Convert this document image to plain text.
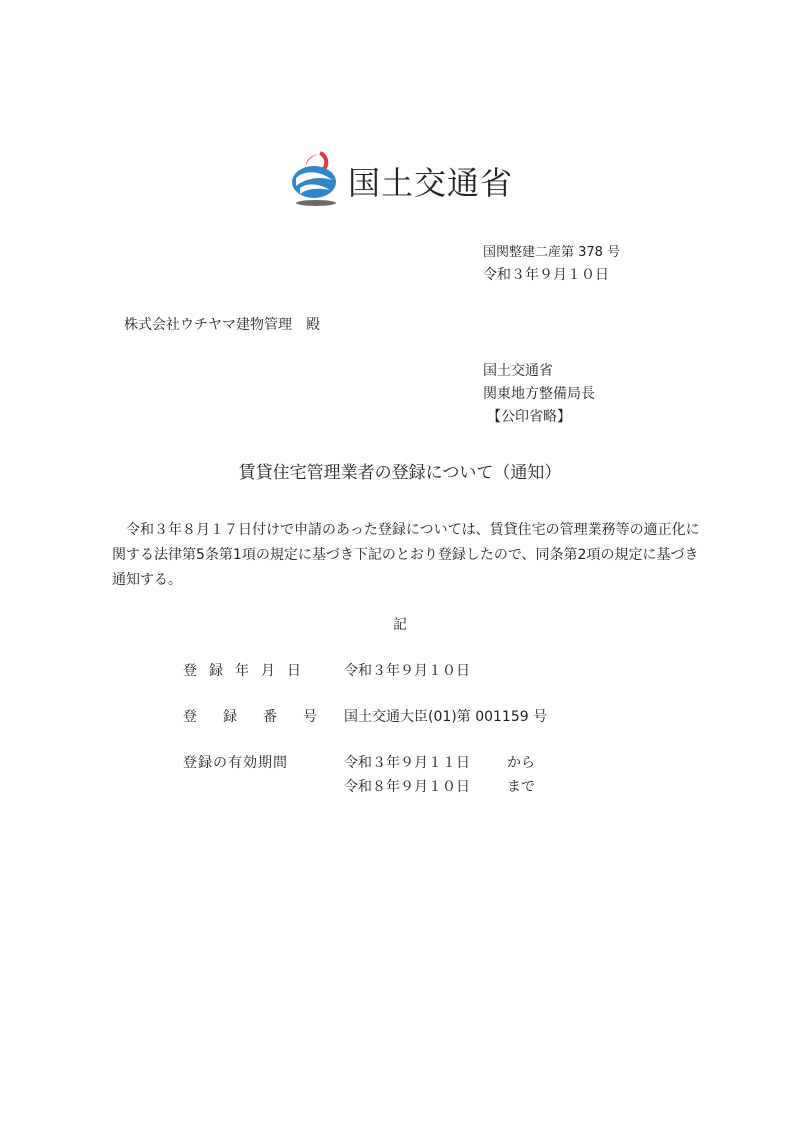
国土交通省
国関整建二産第 378 号
令和３年９月１０日
株式会社ウチヤマ建物管理　殿
国土交通省
関東地方整備局長
【公印省略】
賃貸住宅管理業者の登録について（通知）

令和３年８月１７日付けで申請のあった登録については、賃貸住宅の管理業務等の適正化に

関する法律第5条第1項の規定に基づき下記のとおり登録したので、同条第2項の規定に基づき

通知する。

記
登録年月日 令和３年９月１０日
登録番号 国土交通大臣(01)第 001159 号
登録の有効期間	令和３年９月１１日	から
令和８年９月１０日	まで
